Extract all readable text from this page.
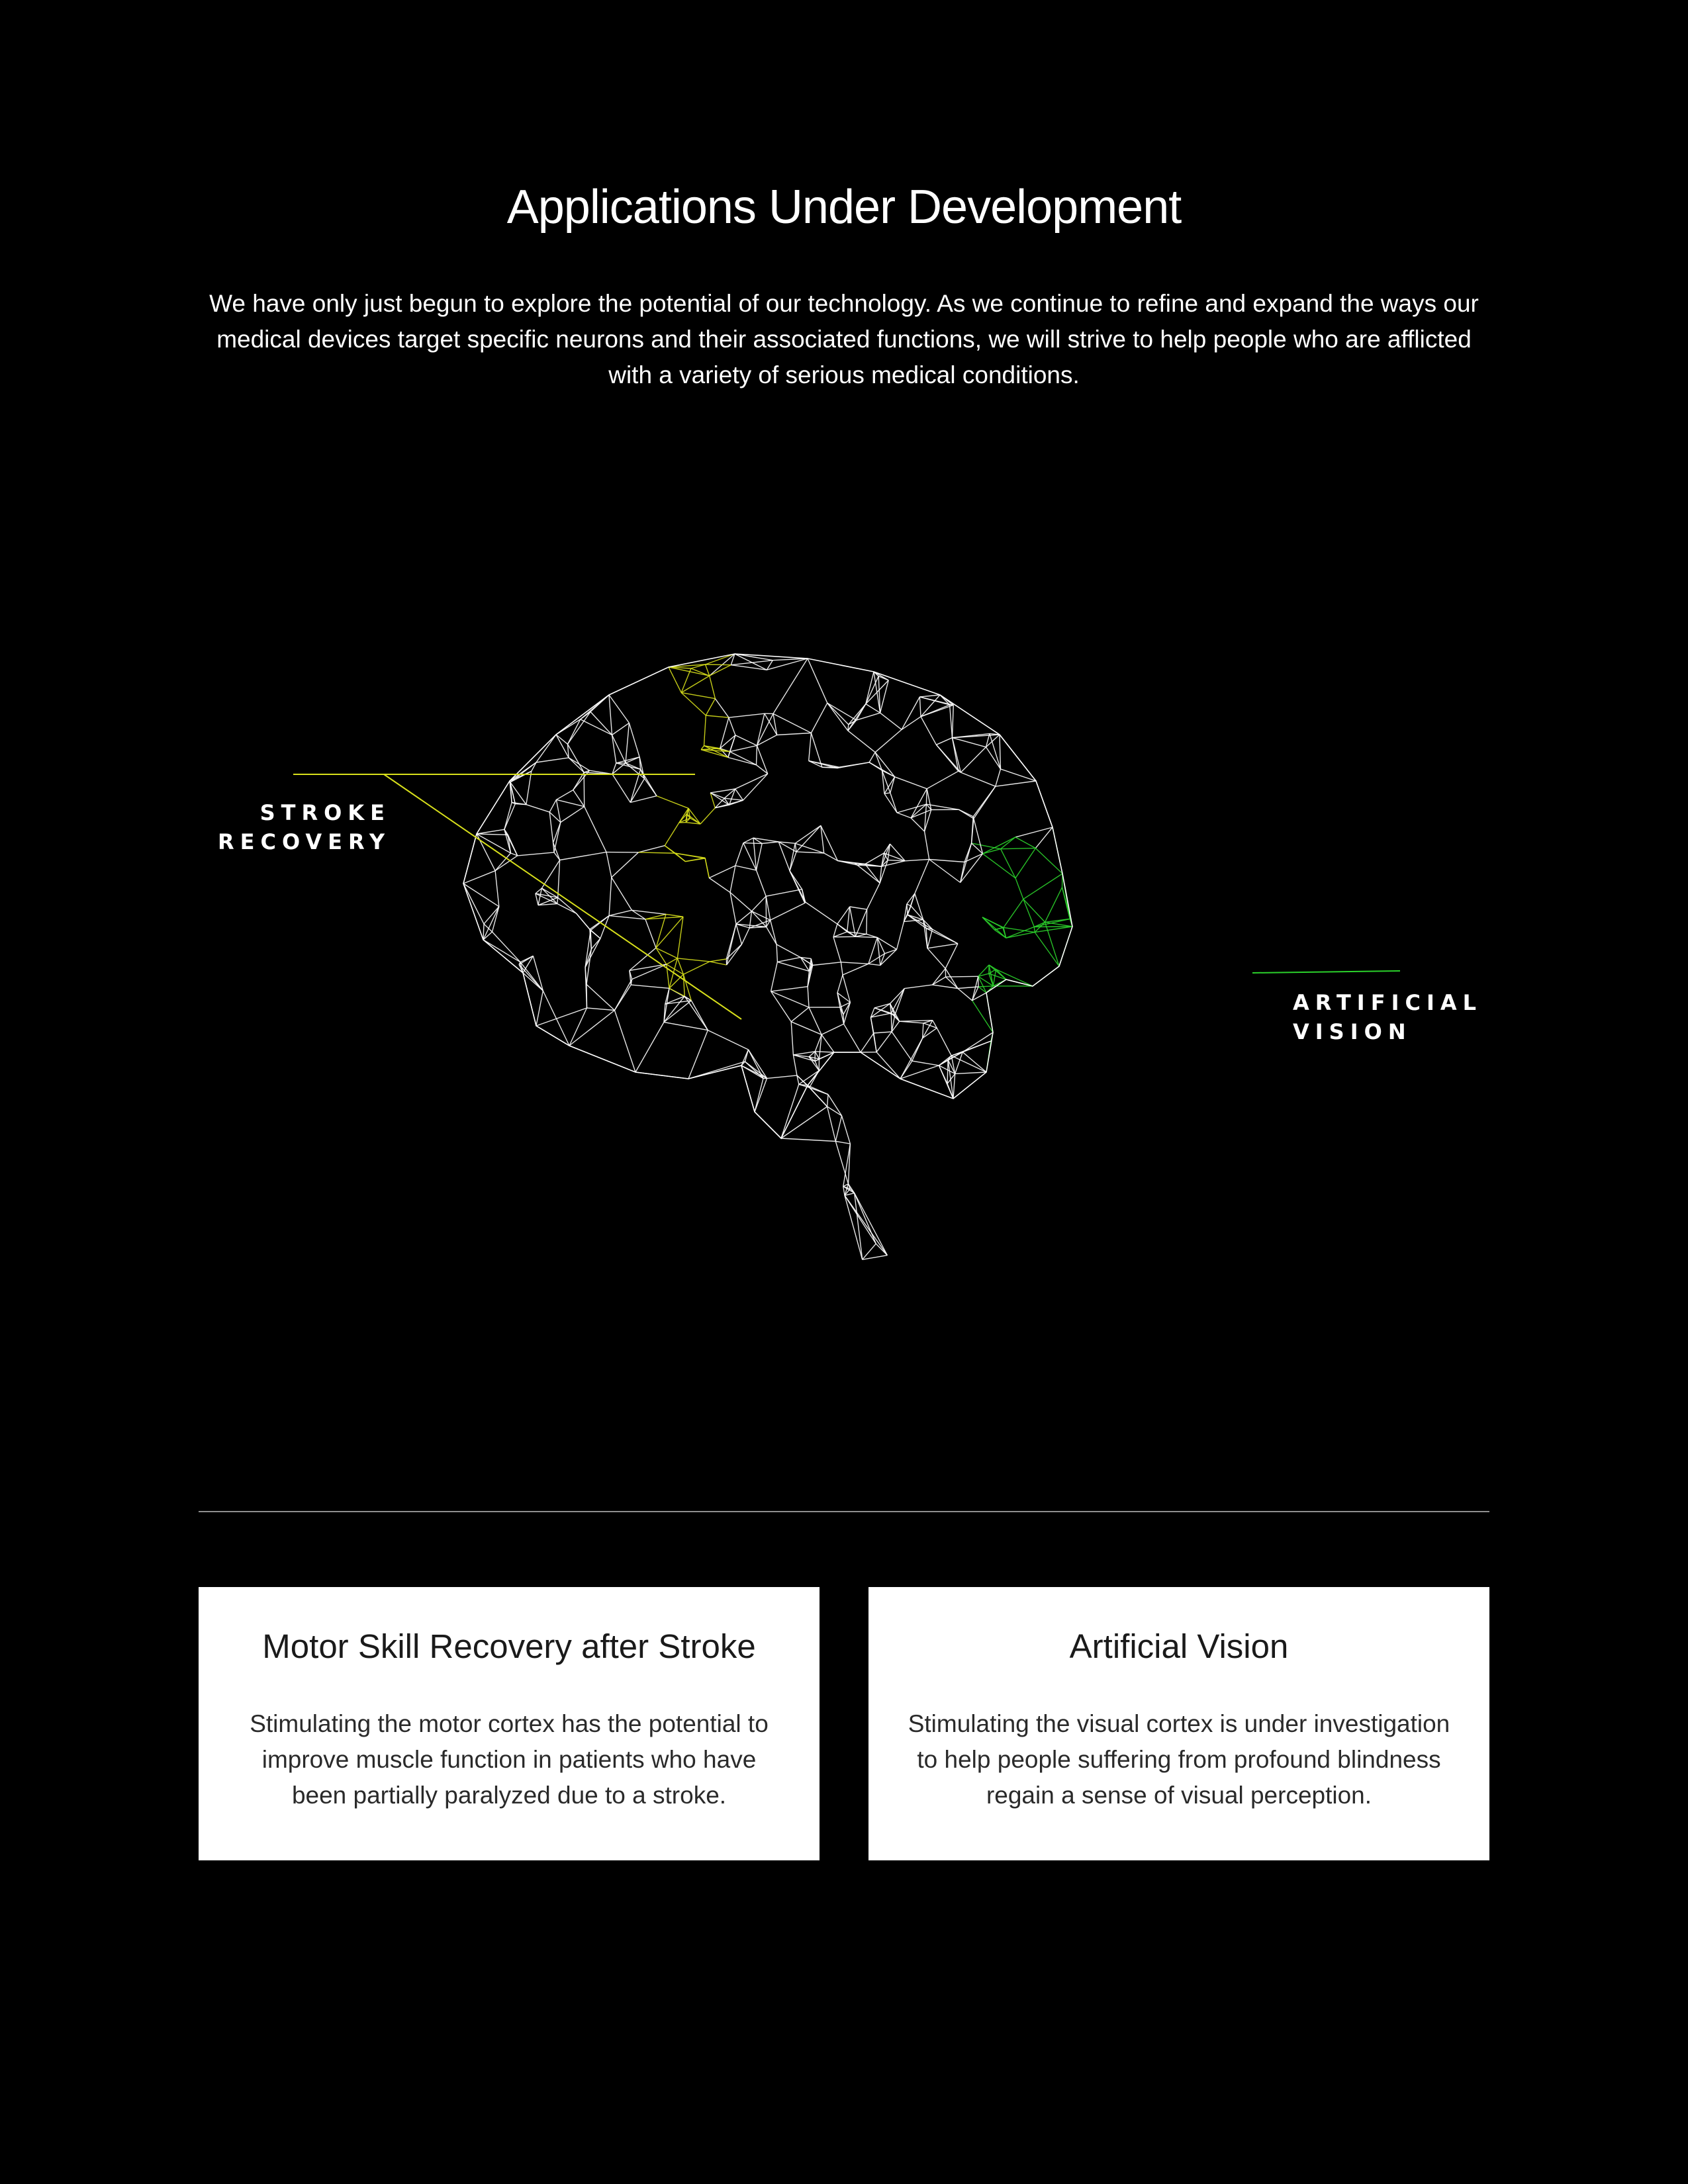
Applications Under Development

We have only just begun to explore the potential of our technology. As we continue to refine and expand the ways our medical devices target specific neurons and their associated functions, we will strive to help people who are afflicted with a variety of serious medical conditions.

STROKE
RECOVERY
ARTIFICIAL
VISION
Motor Skill Recovery after Stroke

Stimulating the motor cortex has the potential to improve muscle function in patients who have been partially paralyzed due to a stroke.

Artificial Vision

Stimulating the visual cortex is under investigation to help people suffering from profound blindness regain a sense of visual perception.
